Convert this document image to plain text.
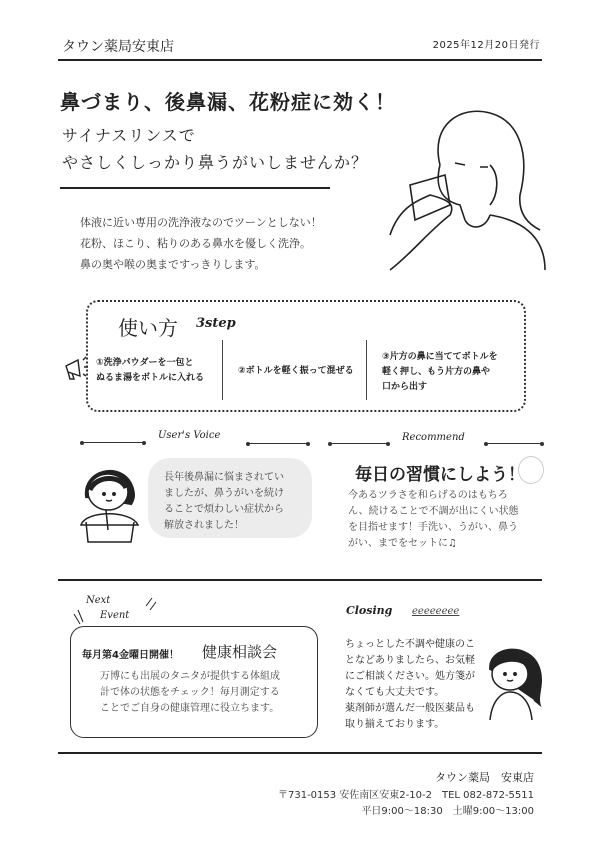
タウン薬局安東店	2025年12月20日発行
鼻づまり、後鼻漏、花粉症に効く！
サイナスリンスで
やさしくしっかり鼻うがいしませんか？
体液に近い専用の洗浄液なのでツーンとしない！
花粉、ほこり、粘りのある鼻水を優しく洗浄。
鼻の奥や喉の奥まですっきりします。
使い方 3step
①洗浄パウダーを一包と
ぬるま湯をボトルに入れる
②ボトルを軽く振って混ぜる
③片方の鼻に当ててボトルを
軽く押し、もう片方の鼻や
口から出す
User's Voice	Recommend
長年後鼻漏に悩まされてい
ましたが、鼻うがいを続け
ることで煩わしい症状から
解放されました！
毎日の習慣にしよう！
今あるツラさを和らげるのはもちろ
ん、続けることで不調が出にくい状態
を目指せます！手洗い、うがい、鼻う
がい、までをセットに♫
Next
Event
毎月第4金曜日開催！ 健康相談会
万博にも出展のタニタが提供する体組成
計で体の状態をチェック！毎月測定する
ことでご自身の健康管理に役立ちます。
Closing eeeeeeee
ちょっとした不調や健康のこ
となどありましたら、お気軽
にご相談ください。処方箋が
なくても大丈夫です。
薬剤師が選んだ一般医薬品も
取り揃えております。
タウン薬局　安東店
〒731-0153 安佐南区安東2-10-2　TEL 082-872-5511
平日9:00〜18:30　土曜9:00〜13:00
